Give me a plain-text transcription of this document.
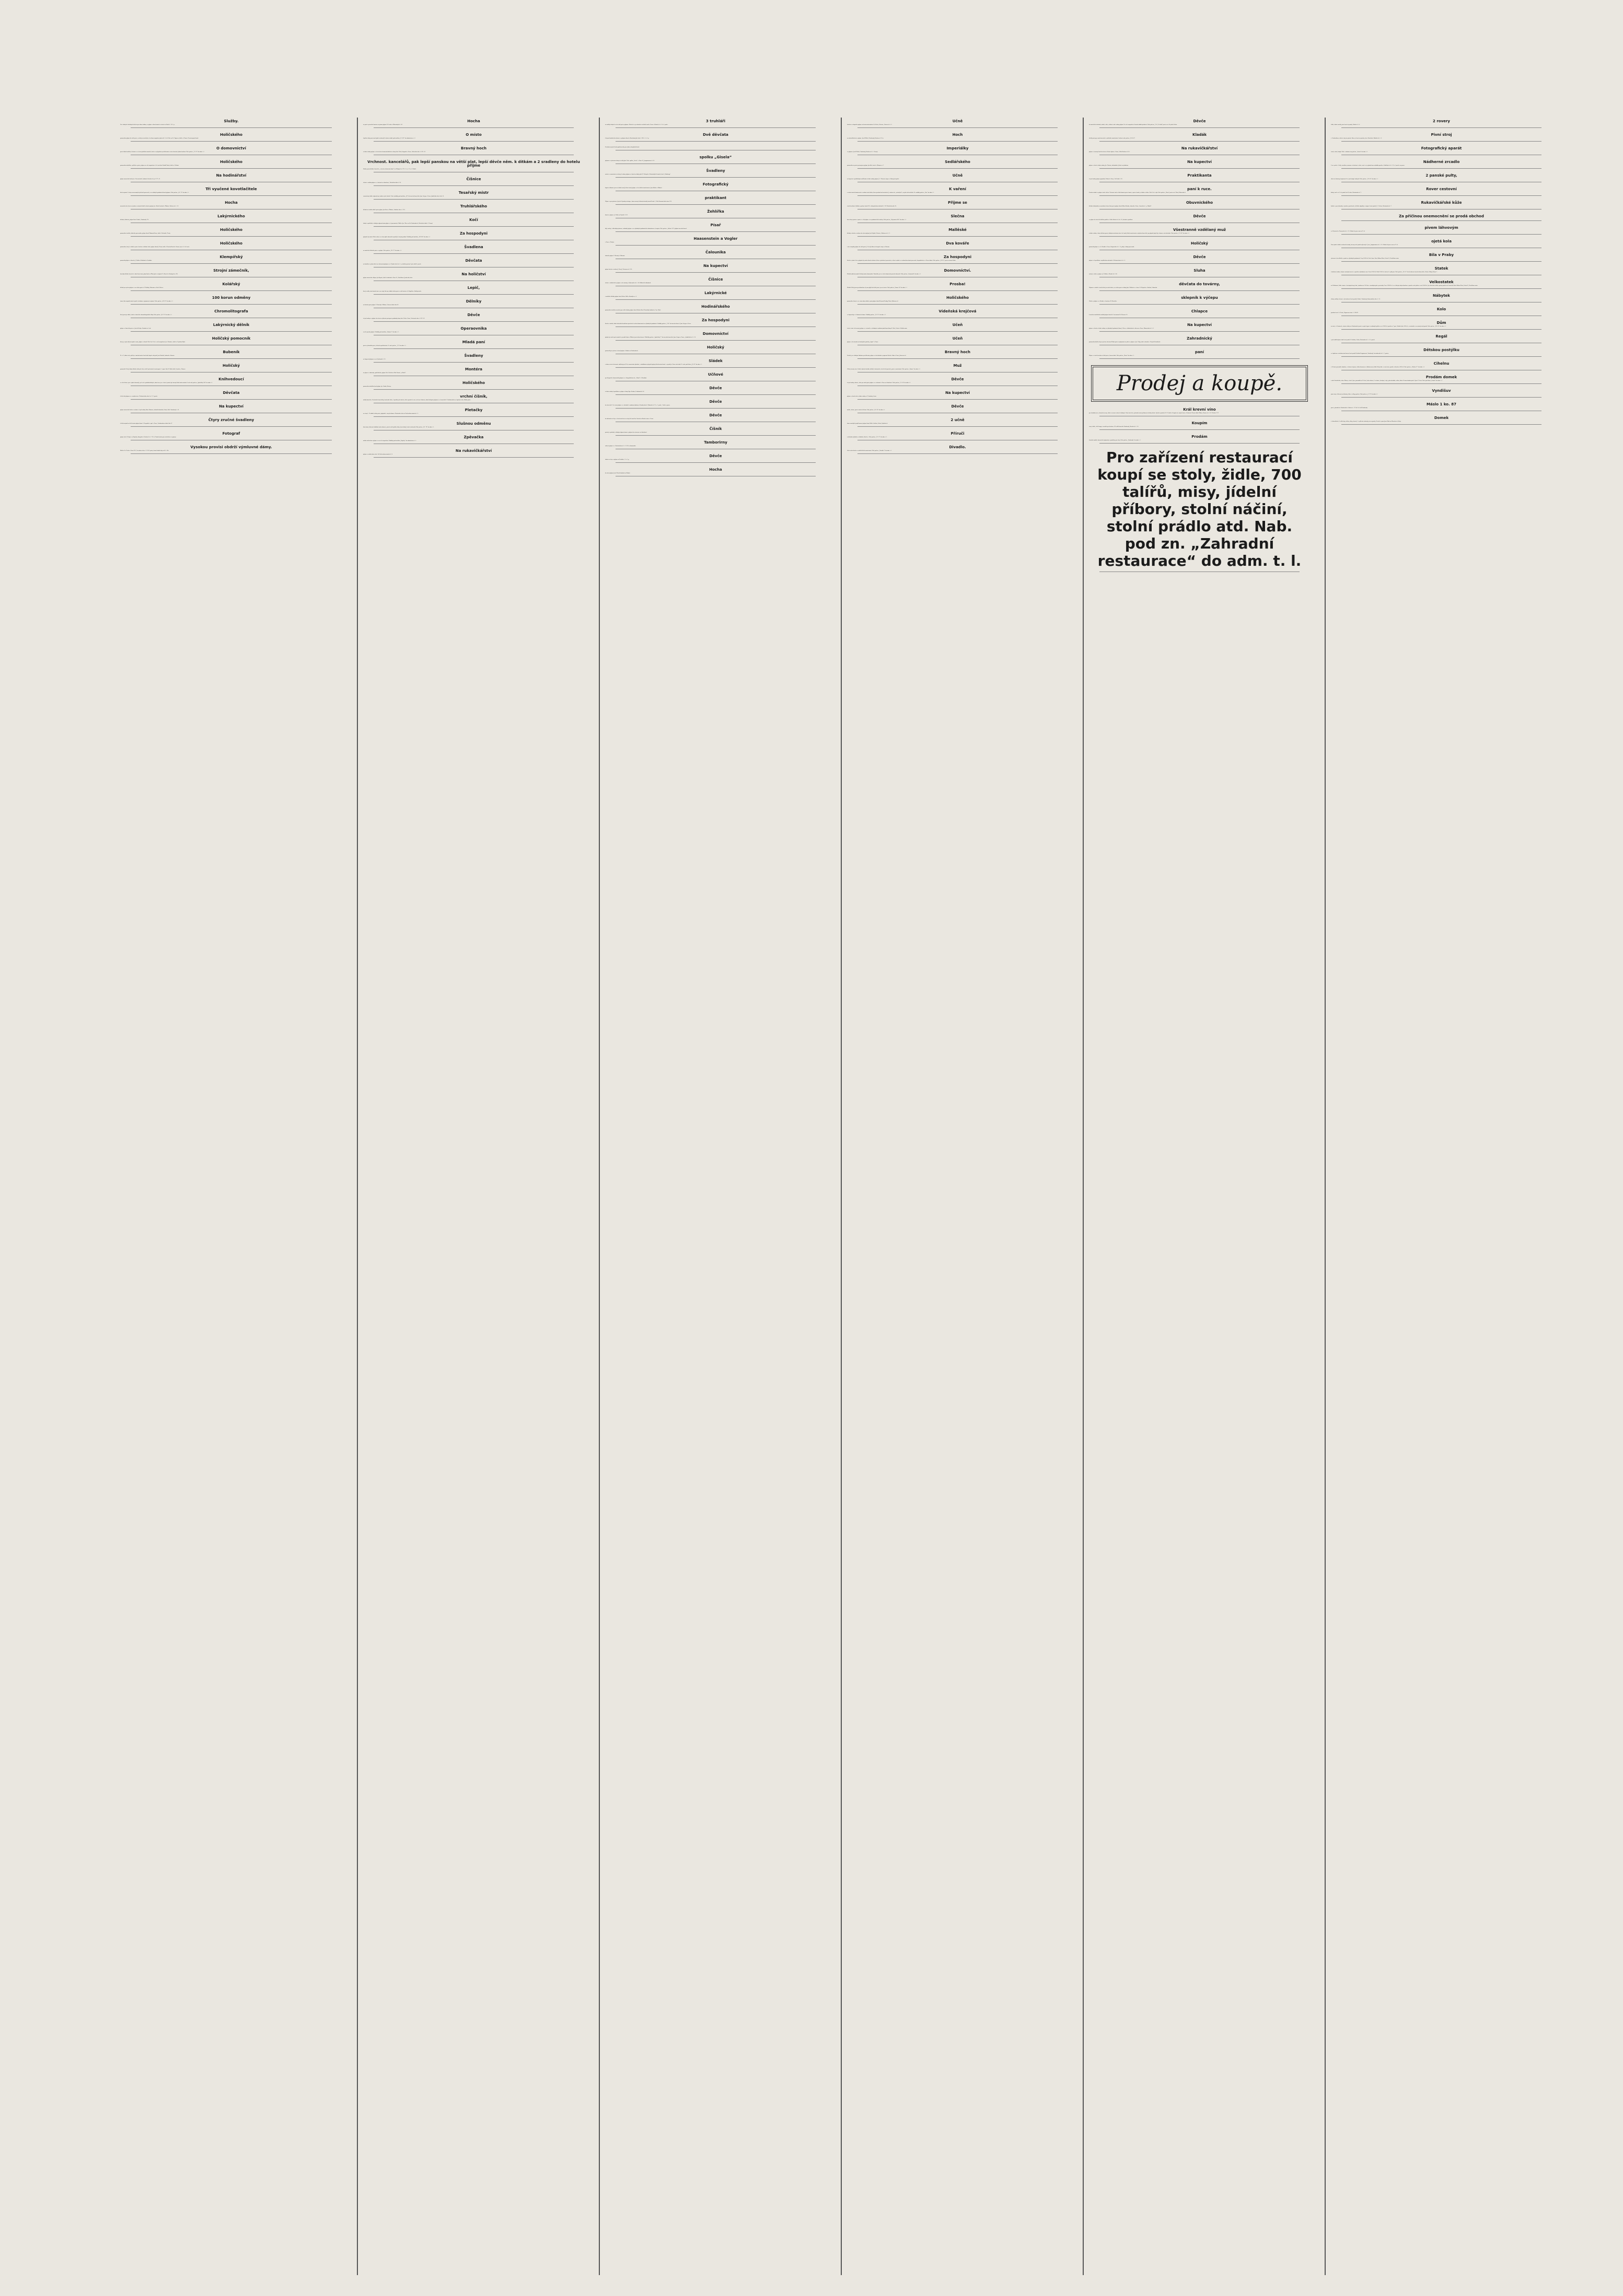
Služby.

Vice řádných služebných děvčat pro různé odbory se přijme a ihned umístí v ústavě na Poříčí č. 10. I. p.

Holičského

pomocníka přijmu do stálé práce, avšak jen zručného, k celému zaopatření plat od 6—8 zl. Nab. na Fr. Vágnera, holiče v Chocni. K nastoupení ihned.

O domovnictví

prosí řádní bezdětní, čistotní a ve všem spolehliví manželé, kteří se nejlepšími vysvědčeními o svém chování vykázati mohou. Nab. pod zn. „P L 79“ do adm. t. l.

Holičského

pomocníka mladšího, rychlého v práci, přijme na celé zaopatření a 6 zl. měsíčně Rudolf Pánek, holič ve Vlašimi.

Na hodinářství

přijme mravného hocha Jos. Hassentenfel, hodinář, Petrská ul. čp. 1177—II.

Tři vyučené kovotlačitele

kteří nejméně 3 roky na mosazných plechách pracovali, se za dobrých podmínek ihned přijmou. Nab. pod zn. „A L 73“ do adm. t. l.

Hocha

mravného do učení na výrobu cestovních kufrů a brašen přijme Jos. Krátil, brašnář v Žižkově, Kralova ul. č. 12.

Lakýrnického

dělníka, fládristu, přijme Karel Prokeš, Vinohrady 574.

Holičského

pomocníka staršího, dobrého pracovníka, přijme ihned Zikmund Stern, holič v Náchodě, Čechy.

Holičského

pomocníka, který se dobře vyzná v holení a stříhání vlasů, přijme ihned J. Heinz, holič v Černém Kostelci. Strava, byt a 6—8 zl. měs.

Klempířský

pomocník přijme se ihned u J. Poláka v Bohdanči u Pardubic.

Strojní zámečník,

dovedný dělník, který též s ohně kovat umí, přijat bude za Žlutý plat v strojírně Fr. Benešě v Kralupech n. Vlt.

Kolářský

dělník po vyučení přijme se na stálou práci u V. Malitky, Záhornice u Král. Městce.

100 korun odměny

tomu, kdo zaopatří místo k poště, úředním a výpomocné vojínovi. Nab. pod zn. „A B 12“ do adm. t. l.

Chromolitografa

který pracuje dobře, žádá se ihned do chromolitografické dílny. Nab. pod zn. „K L 79“ do adm. t. l.

Lakýrnický dělník

přijme se ihned do práce u Josefa Betky v Roudnici n. Lab.

Holičský pomocník

který je svým oborem úplně sezná, přijme se ihned. Plat 8 až 10 zl. a celé zaopatření. Jos. Martinec, holič ve Vysokém Mýtě.

Bubeník

M. a V., dobrá sála, přál by si změniti místo k městské kapele neb pod. Josef Bradáč, bubeník v Slaném.

Holičský

pomocník 19letý, dobrý dělník, žádá pb. šéfy o stálé lepší místo k nastoupení 1. srpna. Adr. B. Kolář, holič, Ivančice, Morava.

Knihvedoucí

ve všech kanc. prac. úplně obeznalý, vysl. účet. podobitedelných, obou řem. jaz. v slově i písmě úpl. mocný hledá místo změnit. Lask. nab. pod zn. „Spolehlivý 246“ do adm. t. l.

Děvčata

k šití šatů přijmou se v módní síni v Čelakovského ulici čís. 11 I. posch.

Na kupectví

přijme mravného hocha z venkova s lepší rodiny Alois Slámová, obchod koloniální, Praha, Král. Vinohrady č. 42.

Čtyry zručné švadleny

k šití kostymů na delší trvání přijme firma L. Hospodář a spol. v Praze, Ferdinandova třída číslo 27.

Fotograf

přijme učně. K dopt. u J. Kopřely, fotografa v Divišově tř. č. 712 st. Tamtéž místo pro retušérku se vypisuje.

Vysokou provisi obdrží výmluvné dámy.

Bližší u Fr. Čecha v Praze VII., Veverkova ulice č. 521 II. patro, denně každé dop. od 8—12h.

Hocha

na práci z pisacího kamene na písmo přijme M. Lucka u Milosrdných č. 40.

O místo

lepšího sluhy prosí muž úplně zachovalý. Laskavé nabid. pod značkou „D L 83“ do administrace t. l.

Bravný hoch

z řádné rodiny přijme se do učení na kamenotiskářství u firmy Ant. Vitek, litografie v Praze, Václavská ulice č. 837—II.

Vrchnost. kancelářů, pak lepší panskou na větší plat, lepší děvče něm. k dítkám a 2 sradleny do hotelu přijme

Služby sprostředkov. kancelář „v starém salonovém domě“ na Příkopě čís. 871—I. st., 25 n. A. Budiš.

Číšnice

slušná a solidní přijme se v kavárně na Smíchově, Palackého třída č. 28.

Tesařský mistr

samostatný, dobře odporučený, nabízí svých služeb. Ctěné nabídky pod značkou „J K“ do inserční kanceláře Jana Grégra v Praze, Jindřišská ulice číslo 19.

Truhlářského

dělníka na truhlu můžeš práci přijme Jan Vávra v Žižkově, Libušina ulice č. 391.

Kočí

řádný a spolehlivý s dobrým odporučením přijme se k povozníctví. Bližší u Jos. Živce na Kr. Vinohradech, Palackého třída č. 38 nový.

Za hospodyni

přijmula by místo 28letá vdova ve všem úplně obeznalá nejraději k starým pánům. Nabídky pod značkou „M M 28“ do adm. t. l.

Švadlena

na madeské dělnické práce se přijme. Nab. pod zn. „R L 73“ do adm. t. l.

Děvčata

na konfekci a jedno děvče na šněrování přijmou se v Týnské ulici čís. 6 „u zlatého prstenu“ přes dvůr I. posch.

Na holičství

přijme mravného chlapce Jan Krpata, holič a kadeřník v Praze II., Havlíčkova (Jezdecká) ulice.

Lepič,

který svršky sám hotoviti zná a na stroji šíti umí, obdrží stálou práci a stálé místo u A. Kopáčka v Budějovicích.

Dělníky

na kožeňu práci přijme F. Vítovský v Žižkově, Husova třída číslo 63.

Děvče

z lepší rodiny se přijme do učení za výborné postupové podmínky firmy Ant. Vitek v Praze, Václavská ulice č. 837—II.

Operaovnika

veselé povahy přijme. Nabídky pod značkou „Humor 2“ do adm. t. l.

Mladá paní

prosí o jakoukoliv práci, třeba do posluhování. Ct. nab. pod zn. „F G“ do adm. t. l.

Švadleny

na Imperial přijmou se na Vyšehradě č. 25.

Montéra

na plyno- a vodovody, spolehlivého, přijme Václ. Hašek na Malé Straně „u Kinch“.

Holičského

pomocníka mladšího hned přijme Jos. Budin, Klatovy.

vrchní číšník,

mladý kancelář, 4 hostinské kancelářky, hostinská řícka, 2 pradleny do hotelu, děvče panské k ceně, učeň na číšnictví, mladí sklepníci přijmou se v kanceláři E. Pavlíkovského ve Spálené ulici, Šlikův palác.

Pletačky

na stroj č. 13 obdrží stálou práci, případně i stroj do domu v Mariánské ulici na Václavském náměstí č. 2.

Slušnou odměnu

dám tomu, kdo mně obdobně místo dozorce, pisaře neb lepšího sluhy. Jsem řádný, čestně zachovalý. Nab. pod zn. „B I. 78“ do adm. t. l.

Zpěvačka

mladá začátečnice přijme se na celé zaopatření. Nabídky pod značkou „Kuplety“ do administrace t. l.

Na rukavičkářství

přijme se mladá jako učeň. Na Václavském náměstí č. 8.

3 truhláři

na měkký nábytek se do stálé práce přijmou. Hlasiteš se jen dovolní s náležitě znalí v Praze v Dlouhé tř. č. 13 v I. patře.

Dvě děvčata

k lepení kudvabí do rukavic se přijmou ihned v Bartolomějské ulici č. 289—I. v 2. p.

K získání nových členů pojišťovacího pro výbavu dospělých dívek

spolku „Gisela“

přijmou se výnosnou dámy za velký plat. Nab. spolku „Gisela“ v Praze II., Jungmannova tř. 14.

Švadleny

zručné a samostatné na životy k suknu přijmou se hned na dobrý plat M. Počápek v Mariánských Lázních, hotel „Habsburg“.

Fotografický

kopista albumin. procesu dobře znalý, třeba ženatý přijme se do stálého zaměstnání u Jana Koláře v Žižkově.

praktikant

Přijme se pro písárnu u Josefa Vejrnoby nástupce, koncesovaný elektrotechnický závod Praha I., Malé Staroměstské nám. 458.

Žehlířka

kmeň se přijme u J. Felda na Újezdě č. 401.

Písař

bílý, zručný, s úhledným písmem, svobodný přijme se za výhodných podmínek do administrace časopisu. Nab. pod zn. „Stálost 152“ přijímá inserční kancel.

Haasenstein a Vogler

v Praze v Platýze.

Čalounika

řádného přijme V. Šťastný v Příbrami.

Na kupectví

přijme hocha z venkova J. Rosejl, Petrovova ul. 219.

Číšnice

slušné a solidní děvče přijme se do vinárny v Hybernské ul. č. 40. Blížba dle dohodnulí.

Lakýrnické

a malířské dělníky přijme hned Václav Vidlt v Brandýse n. L.

Hodinářského

pomocníka staršího na malou pro velké hodiny přijme ihned Otakar Karel Závodský, hodinář ve Vys. Mýtě.

Za hospodyni

hledá se mladá, dobrá kuchařka bezdětnou povolení k vedení domácnosti za výhodných podmínek. Nabídky pod zn. „F 66“ do inserční kancel. Jana Grégra v Praze.

Domovníctví

přijaly by starší spoř. manželé ejasrobí k bytu v Žižkově pro tichou živnost. Přihlášky pod zn. „Spolehlivý 7“ do inserční kanceláře Jana Grégra v Praze, v Jindřišské ul. č. 19.

Holičský

pomocník po vyučení se hned přijme u Šubrta na Vinohradech.

Sládek

v oboru svém všestranně vzdělaný po 20 let samostatně působící, s nabídkami nejlepších přijaty hledá místo ihned – nejraději v Praze neb okolí. Ct. nab. pod šifrou „J L 83“ do adm. t. l.

Učňové

pro litografii a kamenotisk přijmou se v litografickém úst. „Chmel“ v Chrudimi.

Děvče

z řádné rodiny k posilkám se přijme u firmy Šíp a Barber, Ferdinand tř. 26.

Děvče

do učení do 15 let stará přijme se v obchodě s modním zbožím na Vinohradech v Táborské tř. 76, v 1. patře, I. dvůr v pravo.

Děvče

do obchodu na šaty se šatstvem které na stroji šíti umí Em. Šrutek na Karlově nám. v Praze.

Číšník

poctivý a pořádný s dobrým odporučením se přijme do restaurace na Smíchově.

Tamborirny

rukavic přijme se v Bredovském ul. č. 12. Bl. u domovníka.

Děvče

řádné na šaty se přijme na Hradku č. 3 v 3. p.

Hocha

do učení přijme Josef Vlasák hodinář na Kladně.

Učně

silného a schopného přijme na kovosoustružnictví Fr. Kačer, Vršovice, Husova tř. č. 2.

Hoch

na rukavičkářství se přijme. Josef Hlištel, Vinohrady, Karlova ul. 10 n.

Imperiálky

se přijmou. Josef Hlištel, Vinohrady, Karlova ul. č. 16 nový.

Sedlářského

pomocníka na práci postrojovou přijme Jan Král starší v Chlumci n. C.

Učně

na kupectví s předběžným vzděláním z řádné rodiny přijme J. C. Chroust, kupec v Líbni proti poště.

K vaření

a vedení menší domácnosti se nabízí starší dívka, která pochodí rok zastávala. Je zdravá ale „nedoslých“, na plat však nehledí. Ct. nabídky pod zn. „Vira“ do adm. t. l.

Přijme se

starší ženština k úklidu a posluze hostů. Bl. v hokynářském obchodě č. 333 Palackého náb. Pr.

Slečna

která hraje piano a vyzná se v šití přijme se za podmínek dle úmluvy. Nab. pod zn. „Příjemnost 480“ do adm. t. l.

Mallěské

dělníky a hocha z venkova do učení přijme Jan Hejduk, Vršovice, Kolárova ul. č. 2.

Dva kováře

a dva strojníky přijme do stálé práce J. Veselý, dílna na hospod. stroje ve Slaném.

Za hospodyni

hledá se jedna k řece přijmula by místo ihned ochotná slečna v představě pracovitá, ze které rodině ve venkovském domě pracovitá, hospodářství a v Praze dobra. Nab. pod zn. „B V 41“ poste restante Kolín.

Domovníctví.

Mladí bezdětní manželé hledají místo domovníka. Manželka jest ve všech domácích pracích obeznalá. Nab. pod zn. „Domovník“ do adm. t. l.

Prosba!

Mladík 18letý prosí po dobročince by mu půjčil do lehčí práce jen za stravu. Nab. pod zn. „Pomoc 18“ do adm. t. l.

Holičského

pomocníka, který se ve svém oboru dobře vyzná přijme ihned Bernard Pordig, Plzeň, Kolárova ul.

Vídeňská krejčová

se doporučuje ct. dámám do domu. Nabídky pod zn. „E L 79“ do adm. t. l.

Učeň

české i něm. řeči mocný, přijme se v závodě se střížnými i módními potřebami firmy K. Šolc, Praha a Velkého nám.

Učeň

přijme se do závodu na kuchyňské potřeby „Sport“ v Praze.

Bravný hoch

Pražák, jen s dobrým školním vysvědčením, přijme se do obchodu s papírem Slavík v Líbni v Praze, Jalovcová ul.

Muž

18letý, ženatý, otec 4 dítek, bývalý úředník, zběhlý v kartonáži a všech těch prácích, prosí o zaměstnání. Nab. pod zn. „Pomoc“ do adm. t. l.

Děvče

z lepší rodiny, zdravé, silné pro ruční práci přijme se v cukrárně v Praze na Smíchově. Nab. pod zn. „C L 18“ do adm. t. l.

Na kupectví

přijme se hned učeň z řádné rodiny u F. Svobody, Letná.

Děvče

mladé, slušné, prosí o místo k dětem. Nab. pod zn. „B L 39“ do adm. t. l.

2 učně

obou zemských jazyků mocné přijme firma Wolf a Schlein, Praha, Rytířská ul.

Příruči

z obchodu modního a střižního, hledá se. Nab. pod zn. „V L 73“ do adm. t. l.

Divadlo.

Ochr. ruční hocha a cedulák hledá zaměstnání. Nab. pod zn. „Divadlo 3“ do adm. t. l.

Děvče

do moučného obchodu, mladé, silné, z dobré venk. rodiny přijmu. Na celé zaopatření. Sirotek obdrží přednost. Nab. pod zn. „V 16, 18 roků“ poste rest. hl. pošta Praha.

Kladák

zletilý prosí pp. zaměstnavatele o jakékoliv zaměstnání. Laskavé nab. pod zn. „M O 94“.

Na rukavičkářství

přijme se naramy hoch do učení u Václav Spitze v Praze, Velká Karlova ul. 40.

Na kupectví

přijme se hoch z řádné rodiny Jos. Florián, obchodník v Jičíně za rybníkem.

Praktikanta

z lepší rodiny přijme papírník J. Háhnel v Praze, Na Poříčí č. 29.

paní k ruce.

K místu rodině se přijme starší slečna. Též musí vařit a lehčí domácí práce konat, z práce hrubé je služka a chůva. Plat 10 zl. a byt. Nab. pod zn. „Věrná“ poste rest. Plzeň, Klatovská tř.

Obuvnického

dělníka (lakýrníka) na mužskou čistou šitou práci přijme ihned Albert Kotrba, obuvník v Praze, Lazarská ul. „u Holmů“.

Děvče

se přijme do učení šití bílého prádla ve Velké Karlově ul. čís. 18, obchod s prádlem.

Všestranně vzdělaný muž

z dobré rodiny s kancelářskou praxí, dobrými znalostmi něm. řeči znalý, hledá zaměstnání v nějakém kanceláři, po případě přijal by i dozorce neb obchodu. Nab. pod zn. „U L 83“ do adm. t. l.

Holičský

pomocník přijme se u A. Bendla v Praze, Štupartská ul. č. 11, pilný a řádný pracovník.

Děvče

přijme se k posilkám v mydlářském obchodě v Melantrichově ul. č. 6.

Sluha

zručný a stálý se přijme u J. Pollaka v Dlouhé tř. č. 48.

děvčata do továrny,

Přijmou se mladá i starší třeba jen začátečnice, na stálou práci a dobrý plat. Přihlásit se v kanc. B. Elepeťate v Karlině, Palmovka.

sklepník k výčepu

Hledá se přijme se v Karlině, u hostince B. Klenečka.

Chlapce

k zaváženi malířského nádobí přijme ihned A. Grossmann Na Florenci 19.

Na kupectví

přijme se hocha z řádné rodiny za výhodných podmínek firma J. Dřeva, velkoobchod se dřevem v Praze, Klimentská ul. č. 6.

Zahradnický

pomocník mladší neb po vyučení, kterému Žádná práce nepřijemná na jatka se přijme u Jos. Čejky, obch. zahradn. v Nových Benátkách.

paní

Přijme se starší ženská na lehčí práce, kterou dodá. Nab. pod zn. „Věrná“ do adm. t. l.

Prodej a koupě.
Král krevní víno

pro chudokrevné, rekonvalescenty, slabé a nervové raženě účinkující. Víno toto čisté, přírodní nemá poškozovat účinky ducha. Vyrábí a prodává M. V. Lukáš a Dragičević, majitel vinic v Dalmacii. Hlavní sklad: Žižkov, Husova tř. č. 64. Telefon 1717.

Koupím

stroj a židle, větší lampy a zrcadla pro hostince. Bl. sdělí kancelář Vinohrady, Slezská ul. č. 10.

Prodám

lázeňské mýdlo, kosmetické přípravky a pomůcky pro vlasy. Nab. pod zn. „Vinohrady“ do adm. t. l.

Pro zařízení restaurací koupí se stoly, židle, 700 talířů, misy, jídelní příbory, stolní náčiní, stolní prádlo atd. Nab. pod zn. „Zahradní restaurace“ do adm. t. l.
2 rovery

těžké, dobré značky jsou levně na prodej. Sklad ul. č. 4.

Pivní stroj

s 1 kohoutkem, stáčecí stroj na patent. láhve je levně na prodej u Jos. Oberheila, Školská ul. č. 4.

Fotografický aparát

starší, ruční, kompl. Nab. s udáním ceny pod zn. „Orient“ do adm. t. l.

Nádherné zrcadlo

3 m. vysoké s 4 díly, zrcadlem, mramor. celostěnné a zlaté, nově se za přiměřenou nabídku prodá ve Vodičkově ul. č. 23 v I. posch. na pravo.

2 panské pulty,

silné na tiskoviny, kopírovací lis a jiné kompl. nábytek. Nab. pod zn. „N L 81“ do adm. t. l.

Rover cestovní

dobrý, zach. za 54 zl. prodá Lad. Pechar, Valentinská ul. 7.

Rukavičkářské kůže

hodící se pro obuvníky a výrobce peněženek, též kůže odpadky a stopové levně prodá J. L. Pechar, Valentinská ul. 7.

Za příčinou onemocnění se prodá obchod
pivem láhvovým

ve Vršovicích v Pivovarské ul. č. 10. Nabízí lev pro cenu za 25 zl.

ojetá kola

Nová jízdní i dobře zachovalá zvonky, lucerny atd. prodá nejlevněji L. Jene, Jungmannova ul. č. 10. Nabízí též pro cenu za 35 zl.

Bila v Praby

výstavná a bez dluhů se prodá za výhodných podmínek. Ceny 85000 zl. Real. kanc. Karel Alfons Klein, Praha II., Havlíčkovo nám.

Statek

s bohatou úrodou, živým a mrtvým invent. se prodá za výhodnou cenu. Cena 65000 zl. Dluh 25000 zl. neb na 4 a půl proc. Nab. pod zn. „B L 13“ do všeobecné inserční kanceláře, Praha, Příkop. Bazar 7.

Velkostatek

na Pelhřimově, blíže stanice s krásnými hosp. bud., zámkem za 500 liter s úrodnými poli a pastvisky. Cena 120000 zl. se veškerým živým fundem se prodá z rod. příčin v ceně 90000 zl. Jen skuteční reflekt. zprávy prodá real. kancelář Karel Alfons Klein, Praha II., Havlíčkovo nám.

Nábytek

olšový, měkký, též mat. celý zařízení levně prodá J. Kubeš, Vinohrady, Komenského ulice č. 14.

Kolo

prodám levně. A. Pecka, Fügnerovo nám. č. 1446-II.

Dům

na ráně, o 4 krámech, stanice dráhy na Vinohradech proti se opak. hypot. z rodinných příčin se za 32000 zl. prodá na 7 proc. Složiti třeba 3000 zl., o ostatních se na mírný úrok prodá. Nab. pod zn. „M L 83“ do adm. t. l.

Regál

s pěti oddělenými velmi levně prodá V. Schebra, Praha, Martinská ul. č. 4. 2. posch.

Dětskou postýlku

se šuplatem a zatahovacím kusem levně prodá Hedvika Bergmanová, Vinohrady, Lucemburská ul. č. 3, parter.

Cihelnu

s 20 korci pozemků, domkem, s tekoucí stájemi, velkou kamenou a skladem mezi, blíže Prahy kde se staví stavi, prodá se ihned za 4000 zl. Nab. pod zn. „Cihelna 17“ do adm. t. l.

Prodám domek

v obci Strašického, okres Zbirov, v obci 4 jiter, pozemků na 20 čísel, řeka tekoucí, 3 světnice, kuchyně, stáje, pak zahrádka, zelina, bříza. K tomu domku patří 3 jitra 37 čtver. Nab. pod šifrou „Domek“ do adm. t. l.

Vyndišuv

pivní stroj s láhvemi na kohouty, láhve a sklepy pod zn. Nab. pod zn. „J L 79“ do adm. t. l.

Máslo 1 ko. 87

pravé, přírodní na Vinohradech. Lihviter č. 17 Ho. Fr. Lebl Vinohrady.

Domek

v Lahovičkách, 2 velké byty, chlévy, sklep, dvorek, 3 a půl měr zahrady jest na prodej. K zvěd. u pana Jana Šlafa na Zbraslaví u Prahy.
